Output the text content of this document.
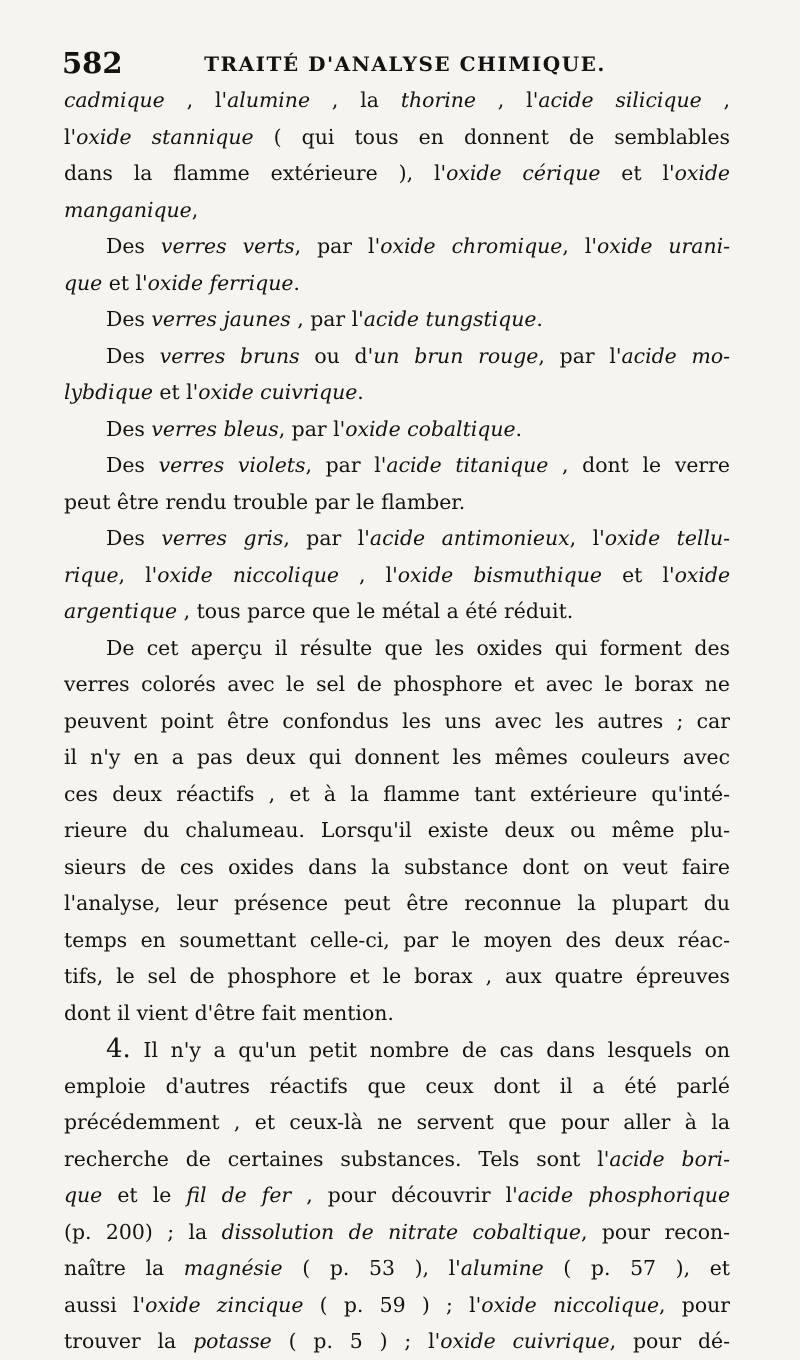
582	TRAITÉ D'ANALYSE CHIMIQUE.
cadmique , l'alumine , la thorine , l'acide silicique ,
l'oxide stannique ( qui tous en donnent de semblables
dans la flamme extérieure ), l'oxide cérique et l'oxide
manganique,
Des verres verts, par l'oxide chromique, l'oxide urani-
que et l'oxide ferrique.
Des verres jaunes , par l'acide tungstique.
Des verres bruns ou d'un brun rouge, par l'acide mo-
lybdique et l'oxide cuivrique.
Des verres bleus, par l'oxide cobaltique.
Des verres violets, par l'acide titanique , dont le verre
peut être rendu trouble par le flamber.
Des verres gris, par l'acide antimonieux, l'oxide tellu-
rique, l'oxide niccolique , l'oxide bismuthique et l'oxide
argentique , tous parce que le métal a été réduit.
De cet aperçu il résulte que les oxides qui forment des
verres colorés avec le sel de phosphore et avec le borax ne
peuvent point être confondus les uns avec les autres ; car
il n'y en a pas deux qui donnent les mêmes couleurs avec
ces deux réactifs , et à la flamme tant extérieure qu'inté-
rieure du chalumeau. Lorsqu'il existe deux ou même plu-
sieurs de ces oxides dans la substance dont on veut faire
l'analyse, leur présence peut être reconnue la plupart du
temps en soumettant celle-ci, par le moyen des deux réac-
tifs, le sel de phosphore et le borax , aux quatre épreuves
dont il vient d'être fait mention.
4. Il n'y a qu'un petit nombre de cas dans lesquels on
emploie d'autres réactifs que ceux dont il a été parlé
précédemment , et ceux-là ne servent que pour aller à la
recherche de certaines substances. Tels sont l'acide bori-
que et le fil de fer , pour découvrir l'acide phosphorique
(p. 200) ; la dissolution de nitrate cobaltique, pour recon-
naître la magnésie ( p. 53 ), l'alumine ( p. 57 ), et
aussi l'oxide zincique ( p. 59 ) ; l'oxide niccolique, pour
trouver la potasse ( p. 5 ) ; l'oxide cuivrique, pour dé-
